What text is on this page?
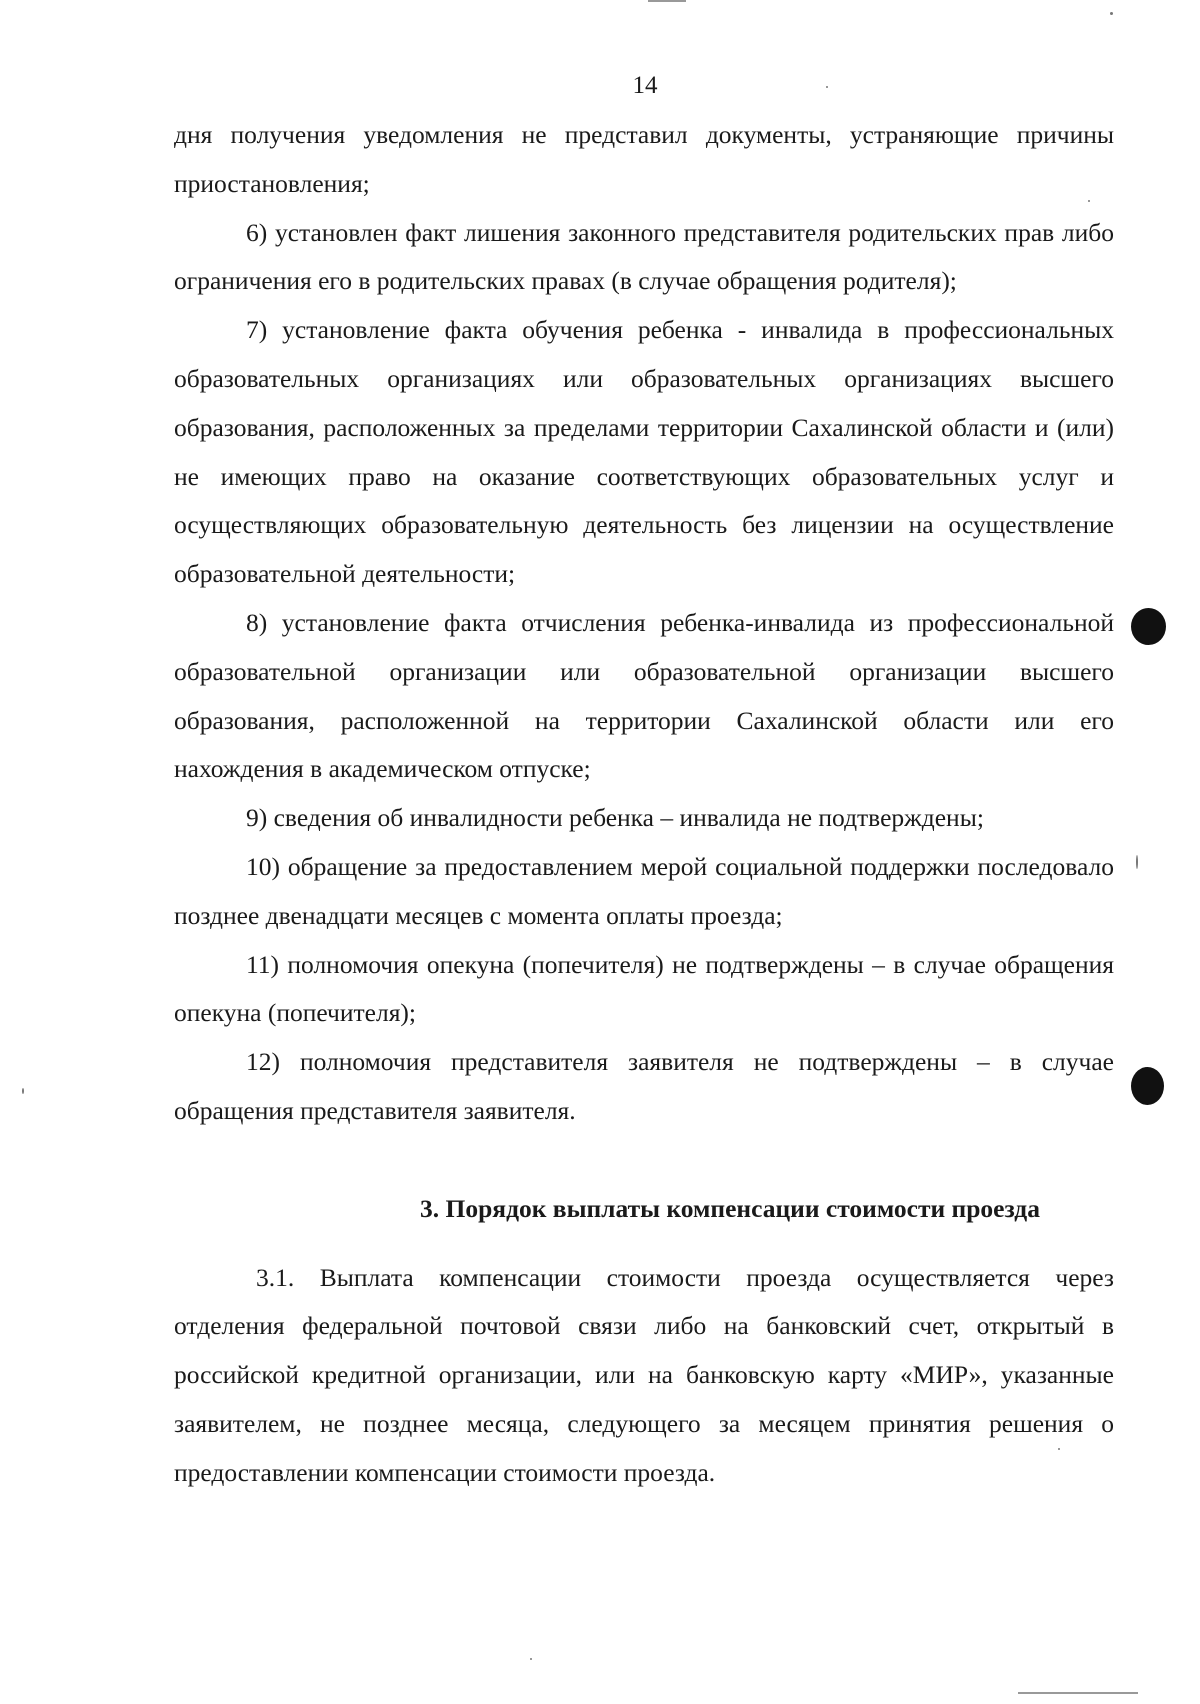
14

дня получения уведомления не представил документы, устраняющие причины приостановления;

6) установлен факт лишения законного представителя родительских прав либо ограничения его в родительских правах (в случае обращения родителя);

7) установление факта обучения ребенка - инвалида в профессиональных образовательных организациях или образовательных организациях высшего образования, расположенных за пределами территории Сахалинской области и (или) не имеющих право на оказание соответствующих образовательных услуг и осуществляющих образовательную деятельность без лицензии на осуществление образовательной деятельности;

8) установление факта отчисления ребенка-инвалида из профессиональной образовательной организации или образовательной организации высшего образования, расположенной на территории Сахалинской области или его нахождения в академическом отпуске;

9) сведения об инвалидности ребенка – инвалида не подтверждены;

10) обращение за предоставлением мерой социальной поддержки последовало позднее двенадцати месяцев с момента оплаты проезда;

11) полномочия опекуна (попечителя) не подтверждены – в случае обращения опекуна (попечителя);

12) полномочия представителя заявителя не подтверждены – в случае обращения представителя заявителя.

3. Порядок выплаты компенсации стоимости проезда

3.1. Выплата компенсации стоимости проезда осуществляется через отделения федеральной почтовой связи либо на банковский счет, открытый в российской кредитной организации, или на банковскую карту «МИР», указанные заявителем, не позднее месяца, следующего за месяцем принятия решения о предоставлении компенсации стоимости проезда.
